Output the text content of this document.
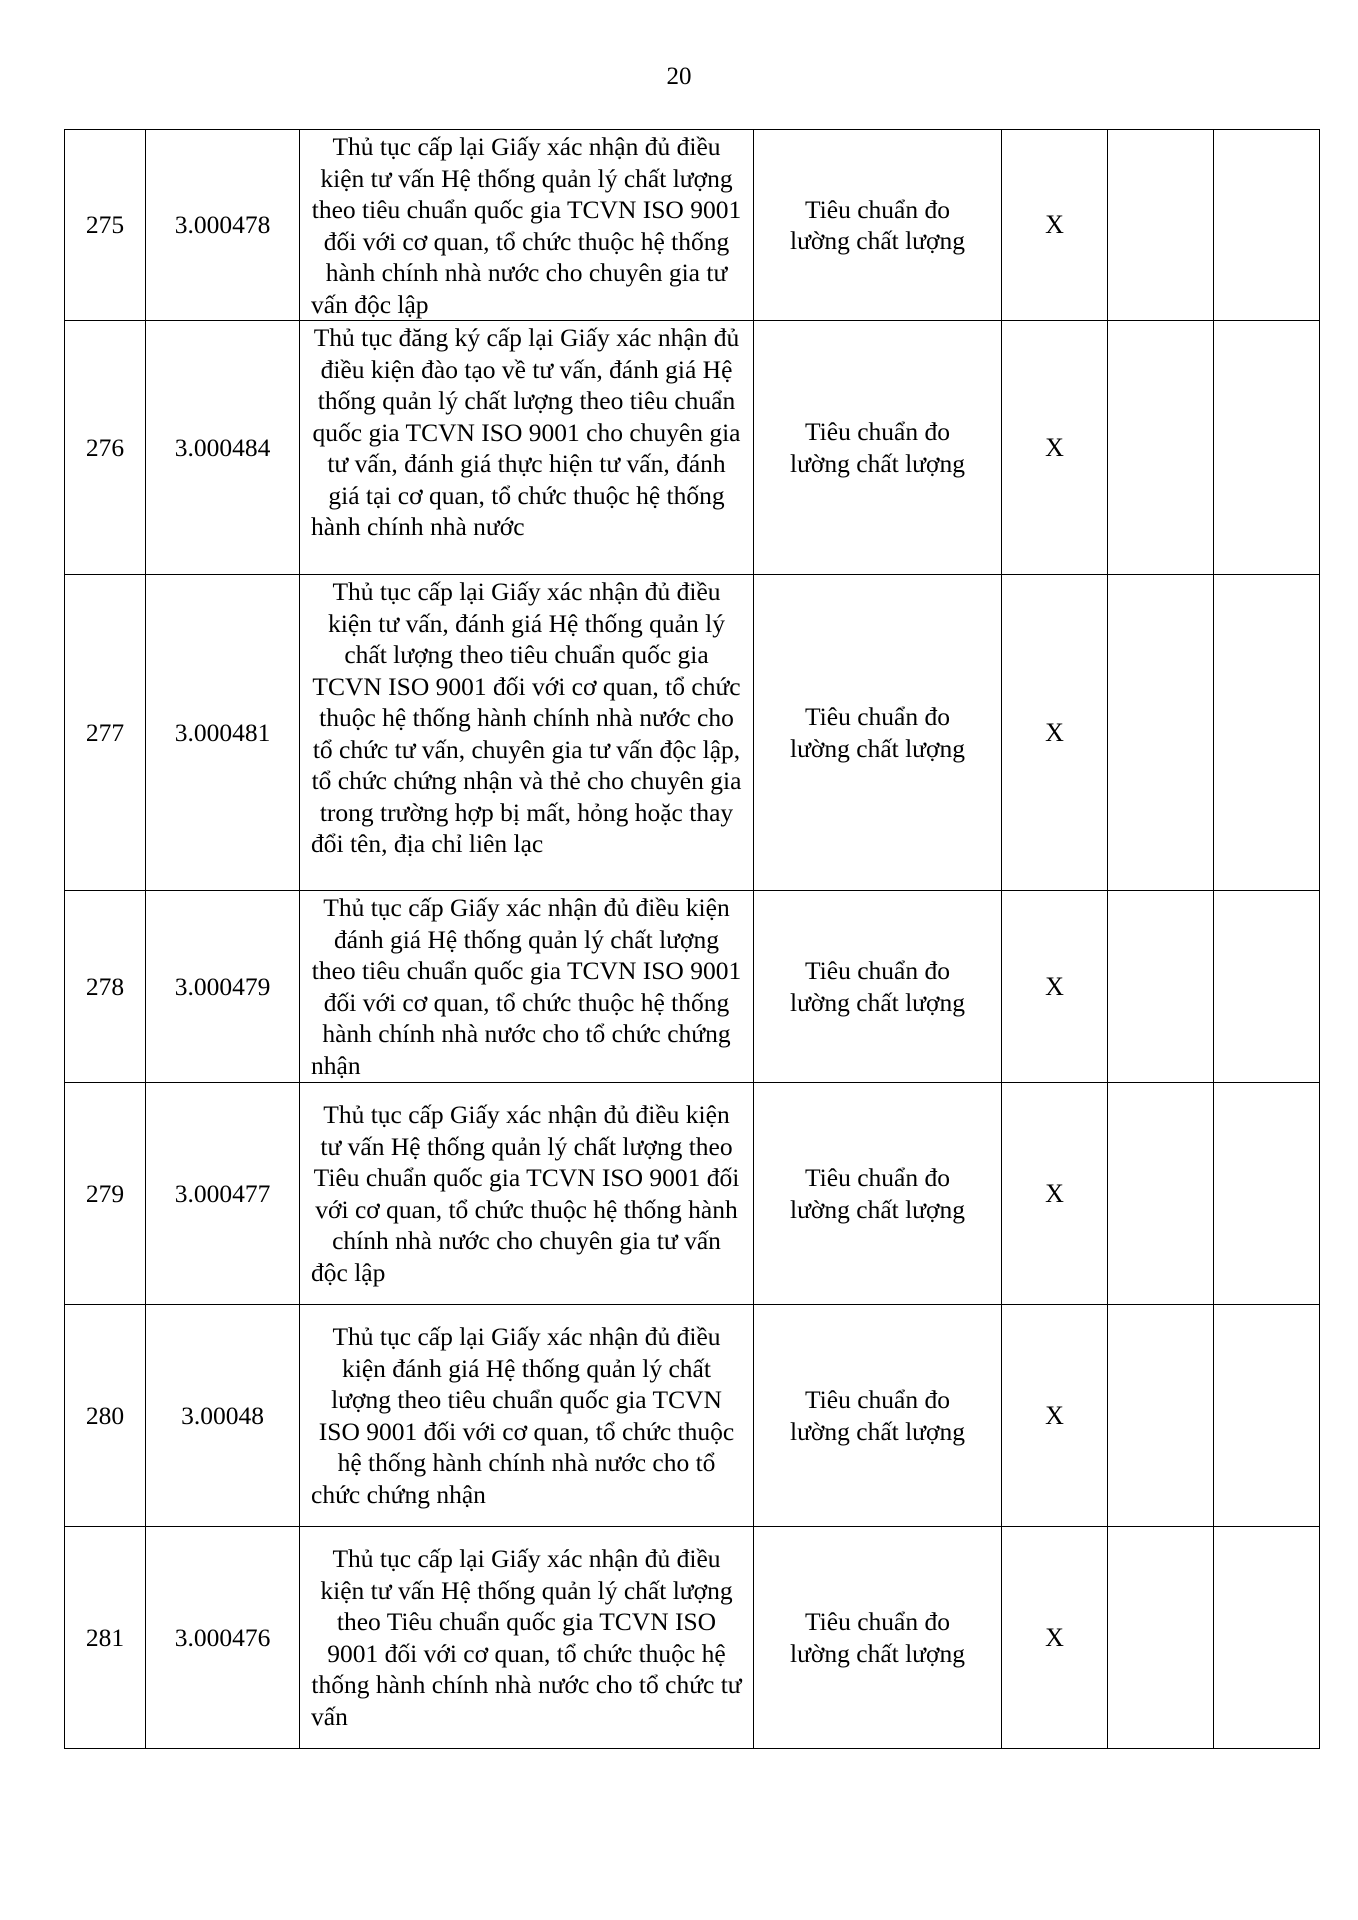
20
275	3.000478	Thủ tục cấp lại Giấy xác nhận đủ điều kiện tư vấn Hệ thống quản lý chất lượng theo tiêu chuẩn quốc gia TCVN ISO 9001 đối với cơ quan, tổ chức thuộc hệ thống hành chính nhà nước cho chuyên gia tư vấn độc lập	Tiêu chuẩn đo lường chất lượng	X		
276	3.000484	Thủ tục đăng ký cấp lại Giấy xác nhận đủ điều kiện đào tạo về tư vấn, đánh giá Hệ thống quản lý chất lượng theo tiêu chuẩn quốc gia TCVN ISO 9001 cho chuyên gia tư vấn, đánh giá thực hiện tư vấn, đánh giá tại cơ quan, tổ chức thuộc hệ thống hành chính nhà nước	Tiêu chuẩn đo lường chất lượng	X		
277	3.000481	Thủ tục cấp lại Giấy xác nhận đủ điều kiện tư vấn, đánh giá Hệ thống quản lý chất lượng theo tiêu chuẩn quốc gia TCVN ISO 9001 đối với cơ quan, tổ chức thuộc hệ thống hành chính nhà nước cho tổ chức tư vấn, chuyên gia tư vấn độc lập, tổ chức chứng nhận và thẻ cho chuyên gia trong trường hợp bị mất, hỏng hoặc thay đổi tên, địa chỉ liên lạc	Tiêu chuẩn đo lường chất lượng	X		
278	3.000479	Thủ tục cấp Giấy xác nhận đủ điều kiện đánh giá Hệ thống quản lý chất lượng theo tiêu chuẩn quốc gia TCVN ISO 9001 đối với cơ quan, tổ chức thuộc hệ thống hành chính nhà nước cho tổ chức chứng nhận	Tiêu chuẩn đo lường chất lượng	X		
279	3.000477	Thủ tục cấp Giấy xác nhận đủ điều kiện tư vấn Hệ thống quản lý chất lượng theo Tiêu chuẩn quốc gia TCVN ISO 9001 đối với cơ quan, tổ chức thuộc hệ thống hành chính nhà nước cho chuyên gia tư vấn độc lập	Tiêu chuẩn đo lường chất lượng	X		
280	3.00048	Thủ tục cấp lại Giấy xác nhận đủ điều kiện đánh giá Hệ thống quản lý chất lượng theo tiêu chuẩn quốc gia TCVN ISO 9001 đối với cơ quan, tổ chức thuộc hệ thống hành chính nhà nước cho tổ chức chứng nhận	Tiêu chuẩn đo lường chất lượng	X		
281	3.000476	Thủ tục cấp lại Giấy xác nhận đủ điều kiện tư vấn Hệ thống quản lý chất lượng theo Tiêu chuẩn quốc gia TCVN ISO 9001 đối với cơ quan, tổ chức thuộc hệ thống hành chính nhà nước cho tổ chức tư vấn	Tiêu chuẩn đo lường chất lượng	X		
